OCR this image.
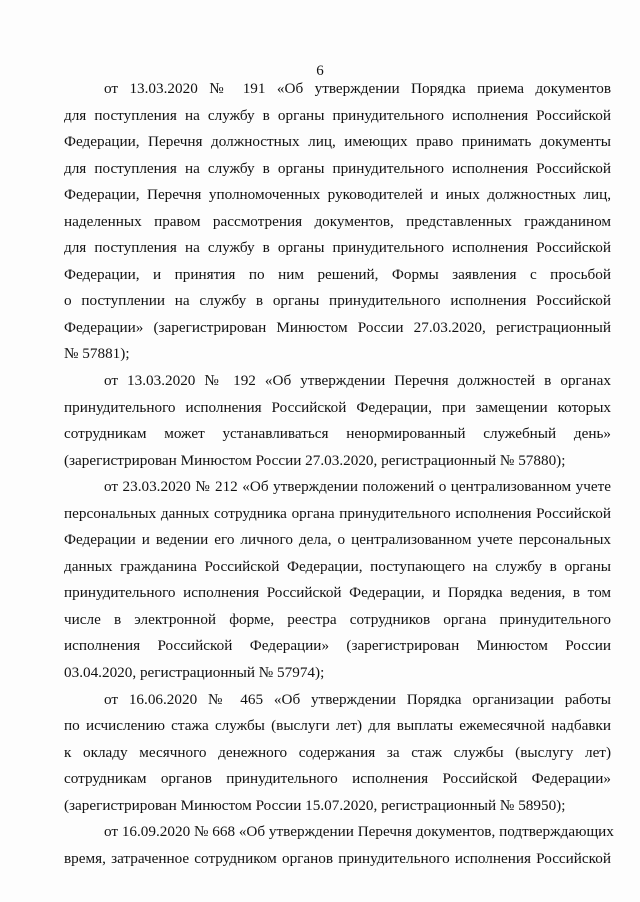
6
от 13.03.2020 № 191 «Об утверждении Порядка приема документов
для поступления на службу в органы принудительного исполнения Российской
Федерации, Перечня должностных лиц, имеющих право принимать документы
для поступления на службу в органы принудительного исполнения Российской
Федерации, Перечня уполномоченных руководителей и иных должностных лиц,
наделенных правом рассмотрения документов, представленных гражданином
для поступления на службу в органы принудительного исполнения Российской
Федерации, и принятия по ним решений, Формы заявления с просьбой
о поступлении на службу в органы принудительного исполнения Российской
Федерации» (зарегистрирован Минюстом России 27.03.2020, регистрационный
№ 57881);
от 13.03.2020 № 192 «Об утверждении Перечня должностей в органах
принудительного исполнения Российской Федерации, при замещении которых
сотрудникам может устанавливаться ненормированный служебный день»
(зарегистрирован Минюстом России 27.03.2020, регистрационный № 57880);
от 23.03.2020 № 212 «Об утверждении положений о централизованном учете
персональных данных сотрудника органа принудительного исполнения Российской
Федерации и ведении его личного дела, о централизованном учете персональных
данных гражданина Российской Федерации, поступающего на службу в органы
принудительного исполнения Российской Федерации, и Порядка ведения, в том
числе в электронной форме, реестра сотрудников органа принудительного
исполнения Российской Федерации» (зарегистрирован Минюстом России
03.04.2020, регистрационный № 57974);
от 16.06.2020 № 465 «Об утверждении Порядка организации работы
по исчислению стажа службы (выслуги лет) для выплаты ежемесячной надбавки
к окладу месячного денежного содержания за стаж службы (выслугу лет)
сотрудникам органов принудительного исполнения Российской Федерации»
(зарегистрирован Минюстом России 15.07.2020, регистрационный № 58950);
от 16.09.2020 № 668 «Об утверждении Перечня документов, подтверждающих
время, затраченное сотрудником органов принудительного исполнения Российской
